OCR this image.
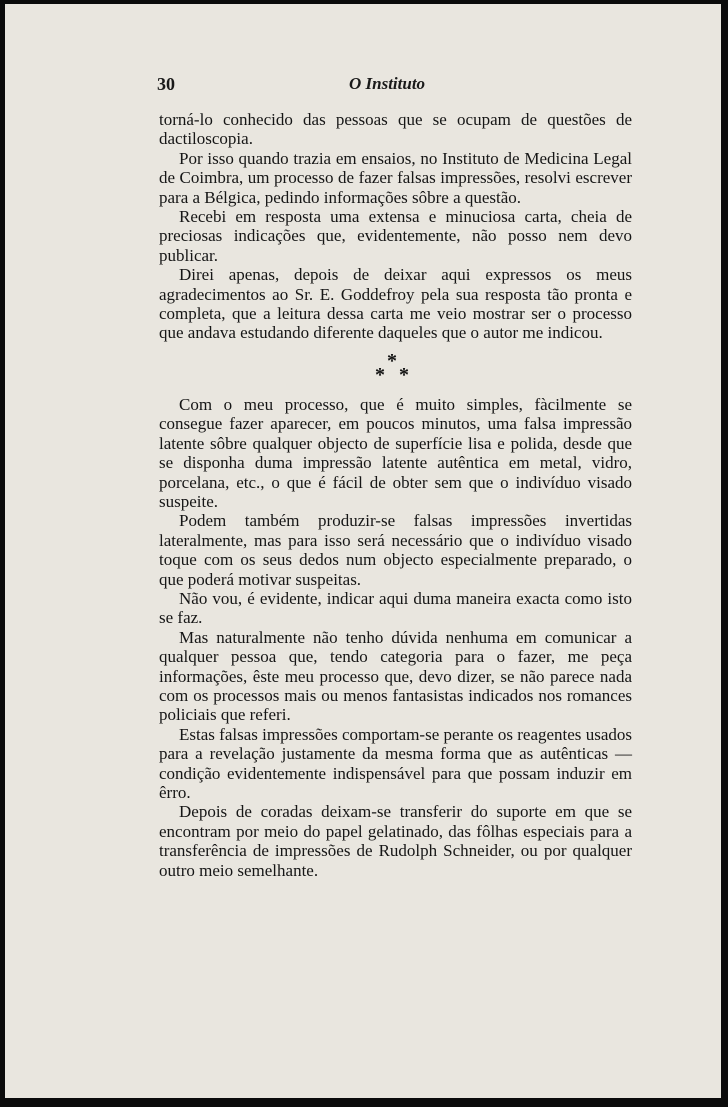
30	O Instituto

torná-lo conhecido das pessoas que se ocupam de questões de dactiloscopia.

Por isso quando trazia em ensaios, no Instituto de Medicina Legal de Coimbra, um processo de fazer falsas impressões, resolvi escrever para a Bélgica, pedindo informações sôbre a questão.

Recebi em resposta uma extensa e minuciosa carta, cheia de preciosas indicações que, evidentemente, não posso nem devo publicar.

Direi apenas, depois de deixar aqui expressos os meus agradecimentos ao Sr. E. Goddefroy pela sua resposta tão pronta e completa, que a leitura dessa carta me veio mostrar ser o processo que andava estudando diferente daqueles que o autor me indicou.

*
* *

Com o meu processo, que é muito simples, fàcilmente se consegue fazer aparecer, em poucos minutos, uma falsa impressão latente sôbre qualquer objecto de superfície lisa e polida, desde que se disponha duma impressão latente autêntica em metal, vidro, porcelana, etc., o que é fácil de obter sem que o indivíduo visado suspeite.

Podem também produzir-se falsas impressões invertidas lateralmente, mas para isso será necessário que o indivíduo visado toque com os seus dedos num objecto especialmente preparado, o que poderá motivar suspeitas.

Não vou, é evidente, indicar aqui duma maneira exacta como isto se faz.

Mas naturalmente não tenho dúvida nenhuma em comunicar a qualquer pessoa que, tendo categoria para o fazer, me peça informações, êste meu processo que, devo dizer, se não parece nada com os processos mais ou menos fantasistas indicados nos romances policiais que referi.

Estas falsas impressões comportam-se perante os reagentes usados para a revelação justamente da mesma forma que as autênticas — condição evidentemente indispensável para que possam induzir em êrro.

Depois de coradas deixam-se transferir do suporte em que se encontram por meio do papel gelatinado, das fôlhas especiais para a transferência de impressões de Rudolph Schneider, ou por qualquer outro meio semelhante.
